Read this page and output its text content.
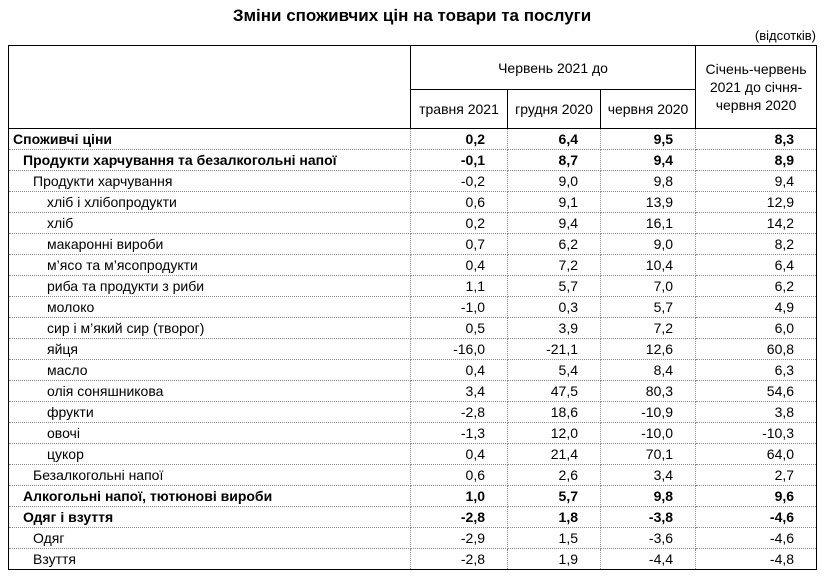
Зміни споживчих цін на товари та послуги
(відсотків)
	Червень 2021 до			Січень-червень 2021 до січня-червня 2020
	травня 2021	грудня 2020	червня 2020	
Споживчі ціни	0,2	6,4	9,5	8,3
Продукти харчування та безалкогольні напої	-0,1	8,7	9,4	8,9
Продукти харчування	-0,2	9,0	9,8	9,4
хліб і хлібопродукти	0,6	9,1	13,9	12,9
хліб	0,2	9,4	16,1	14,2
макаронні вироби	0,7	6,2	9,0	8,2
м’ясо та м’ясопродукти	0,4	7,2	10,4	6,4
риба та продукти з риби	1,1	5,7	7,0	6,2
молоко	-1,0	0,3	5,7	4,9
сир і м’який сир (творог)	0,5	3,9	7,2	6,0
яйця	-16,0	-21,1	12,6	60,8
масло	0,4	5,4	8,4	6,3
олія соняшникова	3,4	47,5	80,3	54,6
фрукти	-2,8	18,6	-10,9	3,8
овочі	-1,3	12,0	-10,0	-10,3
цукор	0,4	21,4	70,1	64,0
Безалкогольні напої	0,6	2,6	3,4	2,7
Алкогольні напої, тютюнові вироби	1,0	5,7	9,8	9,6
Одяг і взуття	-2,8	1,8	-3,8	-4,6
Одяг	-2,9	1,5	-3,6	-4,6
Взуття	-2,8	1,9	-4,4	-4,8
